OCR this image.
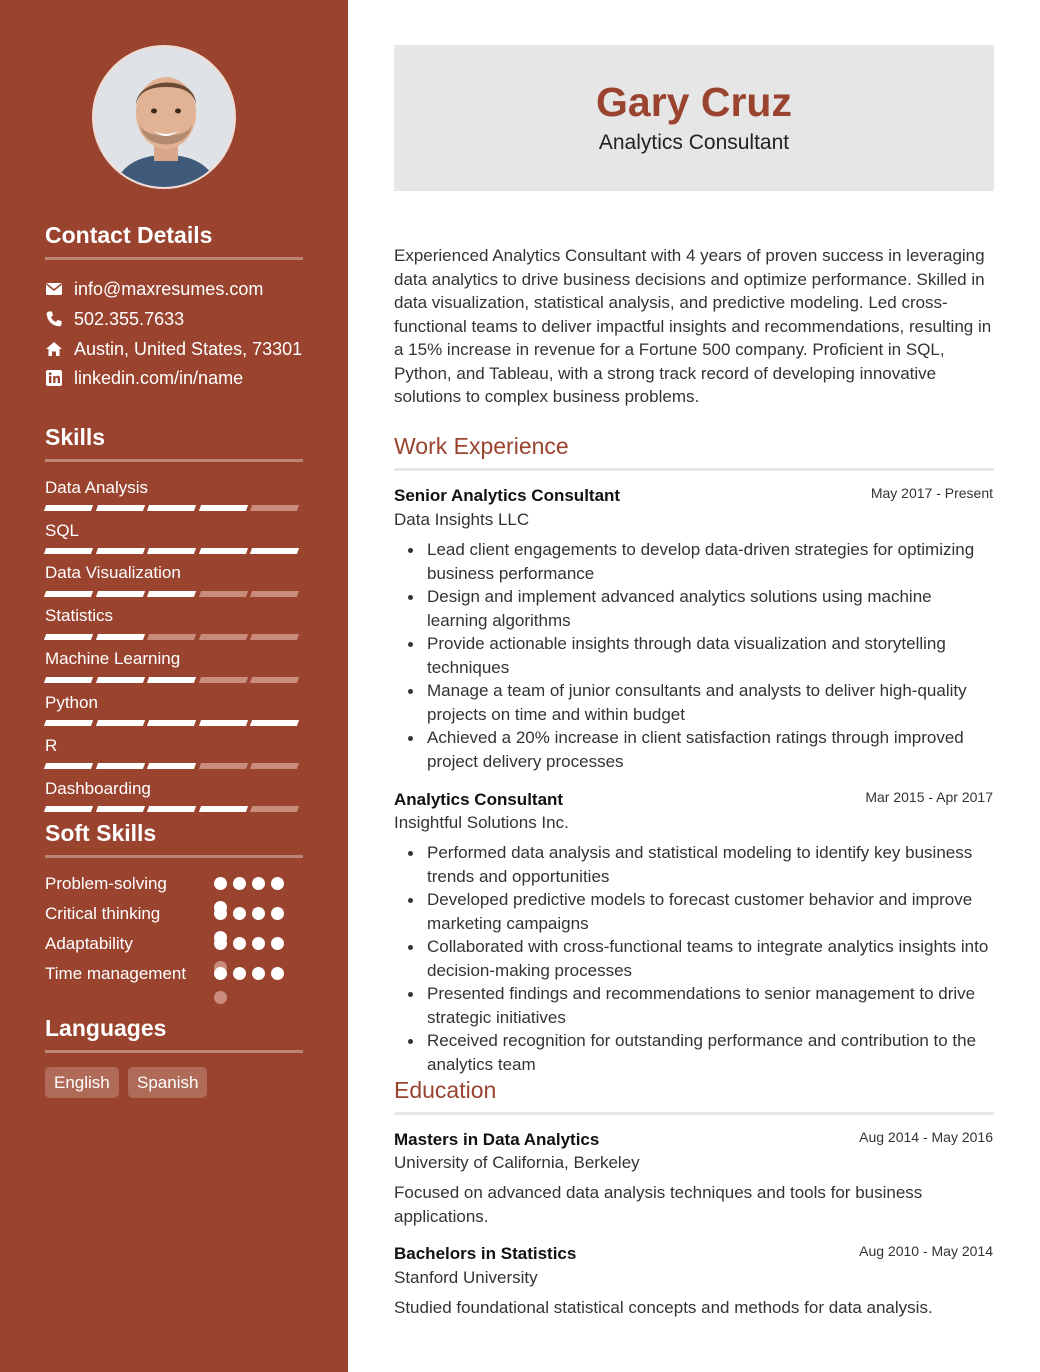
Contact Details
info@maxresumes.com
502.355.7633
Austin, United States, 73301
linkedin.com/in/name
Skills
Data Analysis
SQL
Data Visualization
Statistics
Machine Learning
Python
R
Dashboarding
Soft Skills
Problem-solving
Critical thinking
Adaptability
Time management
Languages
English	Spanish
Gary Cruz
Analytics Consultant
Experienced Analytics Consultant with 4 years of proven success in leveraging data analytics to drive business decisions and optimize performance. Skilled in data visualization, statistical analysis, and predictive modeling. Led cross-functional teams to deliver impactful insights and recommendations, resulting in a 15% increase in revenue for a Fortune 500 company. Proficient in SQL, Python, and Tableau, with a strong track record of developing innovative solutions to complex business problems.
Work Experience
Senior Analytics Consultant	May 2017 - Present
Data Insights LLC
Lead client engagements to develop data-driven strategies for optimizing business performance
Design and implement advanced analytics solutions using machine learning algorithms
Provide actionable insights through data visualization and storytelling techniques
Manage a team of junior consultants and analysts to deliver high-quality projects on time and within budget
Achieved a 20% increase in client satisfaction ratings through improved project delivery processes
Analytics Consultant	Mar 2015 - Apr 2017
Insightful Solutions Inc.
Performed data analysis and statistical modeling to identify key business trends and opportunities
Developed predictive models to forecast customer behavior and improve marketing campaigns
Collaborated with cross-functional teams to integrate analytics insights into decision-making processes
Presented findings and recommendations to senior management to drive strategic initiatives
Received recognition for outstanding performance and contribution to the analytics team
Education
Masters in Data Analytics	Aug 2014 - May 2016
University of California, Berkeley
Focused on advanced data analysis techniques and tools for business applications.
Bachelors in Statistics	Aug 2010 - May 2014
Stanford University
Studied foundational statistical concepts and methods for data analysis.
